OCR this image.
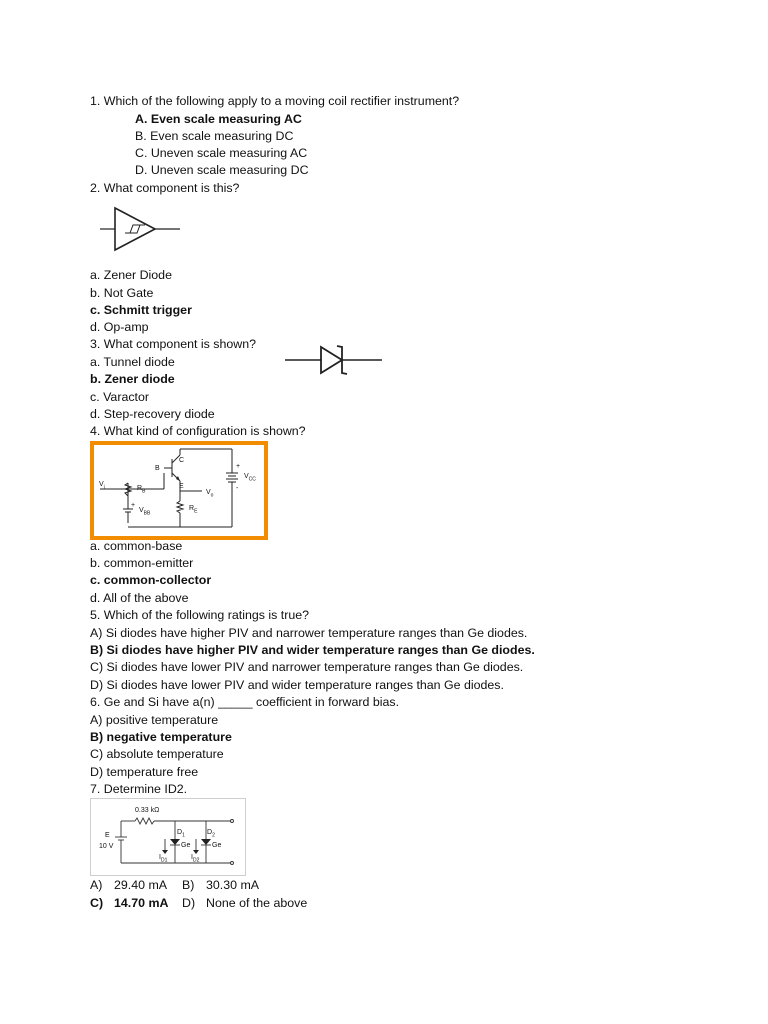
1. Which of the following apply to a moving coil rectifier instrument?
A. Even scale measuring AC
B. Even scale measuring DC
C. Uneven scale measuring AC
D. Uneven scale measuring DC
2. What component is this?
a. Zener Diode
b. Not Gate
c. Schmitt trigger
d. Op-amp
3. What component is shown?
a. Tunnel diode
b. Zener diode
c. Varactor
d. Step-recovery diode
4. What kind of configuration is shown?
B
C
E
$V_i$	$R_B$
$V_{BB}$
$R_E$
$V_o$
$V_{CC}$
+
+
-
a. common-base
b. common-emitter
c. common-collector
d. All of the above
5. Which of the following ratings is true?
A) Si diodes have higher PIV and narrower temperature ranges than Ge diodes.
B) Si diodes have higher PIV and wider temperature ranges than Ge diodes.
C) Si diodes have lower PIV and narrower temperature ranges than Ge diodes.
D) Si diodes have lower PIV and wider temperature ranges than Ge diodes.
6. Ge and Si have a(n) _____ coefficient in forward bias.
A) positive temperature
B) negative temperature
C) absolute temperature
D) temperature free
7. Determine ID2.
0.33 kΩ
E
10 V
$D_1$	$D_2$
Ge	Ge
$I_{D1}$	$I_{D2}$
A) 29.40 mA B) 30.30 mA
C) 14.70 mA D) None of the above
